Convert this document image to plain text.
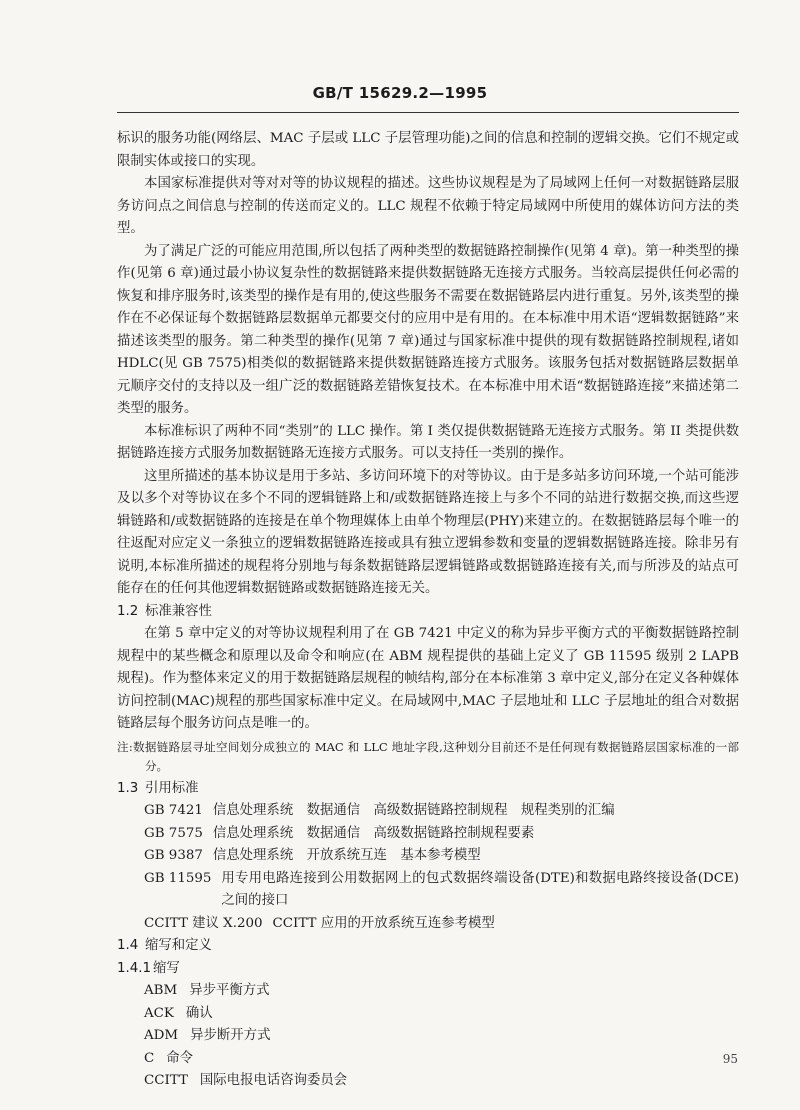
GB/T 15629.2—1995

标识的服务功能(网络层、MAC 子层或 LLC 子层管理功能)之间的信息和控制的逻辑交换。它们不规定或限制实体或接口的实现。

本国家标准提供对等对对等的协议规程的描述。这些协议规程是为了局域网上任何一对数据链路层服务访问点之间信息与控制的传送而定义的。LLC 规程不依赖于特定局域网中所使用的媒体访问方法的类型。

为了满足广泛的可能应用范围,所以包括了两种类型的数据链路控制操作(见第 4 章)。第一种类型的操作(见第 6 章)通过最小协议复杂性的数据链路来提供数据链路无连接方式服务。当较高层提供任何必需的恢复和排序服务时,该类型的操作是有用的,使这些服务不需要在数据链路层内进行重复。另外,该类型的操作在不必保证每个数据链路层数据单元都要交付的应用中是有用的。在本标准中用术语“逻辑数据链路”来描述该类型的服务。第二种类型的操作(见第 7 章)通过与国家标准中提供的现有数据链路控制规程,诸如 HDLC(见 GB 7575)相类似的数据链路来提供数据链路连接方式服务。该服务包括对数据链路层数据单元顺序交付的支持以及一组广泛的数据链路差错恢复技术。在本标准中用术语“数据链路连接”来描述第二类型的服务。

本标准标识了两种不同“类别”的 LLC 操作。第 I 类仅提供数据链路无连接方式服务。第 II 类提供数据链路连接方式服务加数据链路无连接方式服务。可以支持任一类别的操作。

这里所描述的基本协议是用于多站、多访问环境下的对等协议。由于是多站多访问环境,一个站可能涉及以多个对等协议在多个不同的逻辑链路上和/或数据链路连接上与多个不同的站进行数据交换,而这些逻辑链路和/或数据链路的连接是在单个物理媒体上由单个物理层(PHY)来建立的。在数据链路层每个唯一的往返配对应定义一条独立的逻辑数据链路连接或具有独立逻辑参数和变量的逻辑数据链路连接。除非另有说明,本标准所描述的规程将分别地与每条数据链路层逻辑链路或数据链路连接有关,而与所涉及的站点可能存在的任何其他逻辑数据链路或数据链路连接无关。

1.2 标准兼容性

在第 5 章中定义的对等协议规程利用了在 GB 7421 中定义的称为异步平衡方式的平衡数据链路控制规程中的某些概念和原理以及命令和响应(在 ABM 规程提供的基础上定义了 GB 11595 级别 2 LAPB 规程)。作为整体来定义的用于数据链路层规程的帧结构,部分在本标准第 3 章中定义,部分在定义各种媒体访问控制(MAC)规程的那些国家标准中定义。在局域网中,MAC 子层地址和 LLC 子层地址的组合对数据链路层每个服务访问点是唯一的。

注:数据链路层寻址空间划分成独立的 MAC 和 LLC 地址字段,这种划分目前还不是任何现有数据链路层国家标准的一部分。
1.3 引用标准
GB 7421 信息处理系统　数据通信　高级数据链路控制规程　规程类别的汇编
GB 7575 信息处理系统　数据通信　高级数据链路控制规程要素
GB 9387 信息处理系统　开放系统互连　基本参考模型
GB 11595 用专用电路连接到公用数据网上的包式数据终端设备(DTE)和数据电路终接设备(DCE)之间的接口
CCITT 建议 X.200 CCITT 应用的开放系统互连参考模型
1.4 缩写和定义
1.4.1 缩写
ABM 异步平衡方式
ACK 确认
ADM 异步断开方式
C 命令
CCITT 国际电报电话咨询委员会
95
